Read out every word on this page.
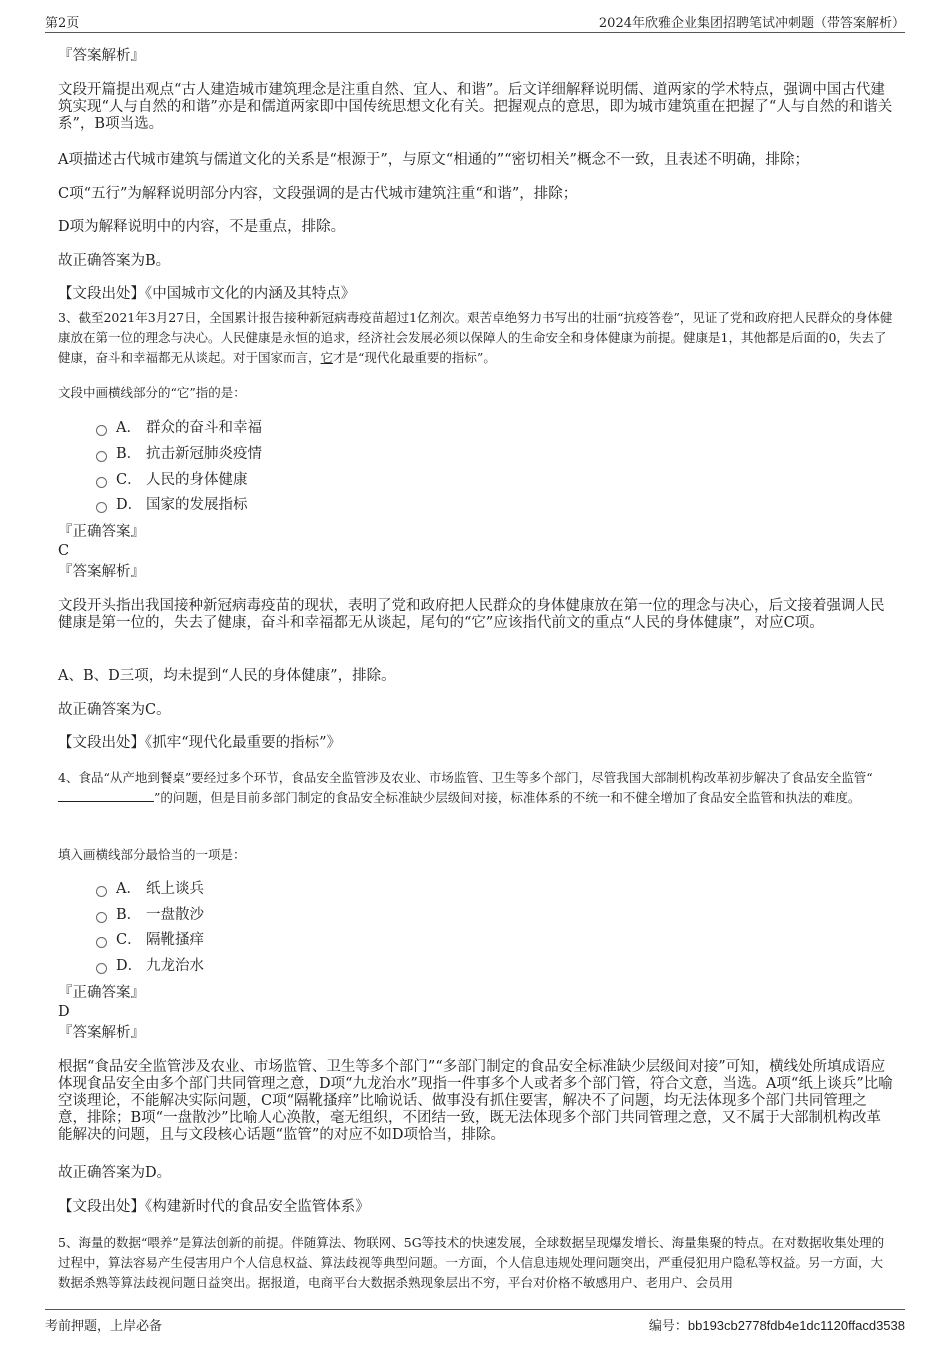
第2页	2024年欣雅企业集团招聘笔试冲刺题（带答案解析）
『答案解析』
文段开篇提出观点“古人建造城市建筑理念是注重自然、宜人、和谐”。后文详细解释说明儒、道两家的学术特点，强调中国古代建筑实现“人与自然的和谐”亦是和儒道两家即中国传统思想文化有关。把握观点的意思，即为城市建筑重在把握了“人与自然的和谐关系”，B项当选。
A项描述古代城市建筑与儒道文化的关系是“根源于”，与原文“相通的”“密切相关”概念不一致，且表述不明确，排除；
C项“五行”为解释说明部分内容，文段强调的是古代城市建筑注重“和谐”，排除；
D项为解释说明中的内容，不是重点，排除。
故正确答案为B。
【文段出处】《中国城市文化的内涵及其特点》
3、截至2021年3月27日，全国累计报告接种新冠病毒疫苗超过1亿剂次。艰苦卓绝努力书写出的壮丽“抗疫答卷”，见证了党和政府把人民群众的身体健康放在第一位的理念与决心。人民健康是永恒的追求，经济社会发展必须以保障人的生命安全和身体健康为前提。健康是1，其他都是后面的0，失去了健康，奋斗和幸福都无从谈起。对于国家而言，它才是“现代化最重要的指标”。
文段中画横线部分的“它”指的是：
A． 群众的奋斗和幸福
B． 抗击新冠肺炎疫情
C． 人民的身体健康
D． 国家的发展指标
『正确答案』
C
『答案解析』
文段开头指出我国接种新冠病毒疫苗的现状，表明了党和政府把人民群众的身体健康放在第一位的理念与决心，后文接着强调人民健康是第一位的，失去了健康，奋斗和幸福都无从谈起，尾句的“它”应该指代前文的重点“人民的身体健康”，对应C项。
A、B、D三项，均未提到“人民的身体健康”，排除。
故正确答案为C。
【文段出处】《抓牢“现代化最重要的指标”》
4、食品“从产地到餐桌”要经过多个环节，食品安全监管涉及农业、市场监管、卫生等多个部门，尽管我国大部制机构改革初步解决了食品安全监管“”的问题，但是目前多部门制定的食品安全标准缺少层级间对接，标准体系的不统一和不健全增加了食品安全监管和执法的难度。
填入画横线部分最恰当的一项是：
A． 纸上谈兵
B． 一盘散沙
C． 隔靴搔痒
D． 九龙治水
『正确答案』
D
『答案解析』
根据“食品安全监管涉及农业、市场监管、卫生等多个部门”“多部门制定的食品安全标准缺少层级间对接”可知，横线处所填成语应体现食品安全由多个部门共同管理之意，D项“九龙治水”现指一件事多个人或者多个部门管，符合文意，当选。A项“纸上谈兵”比喻空谈理论，不能解决实际问题，C项“隔靴搔痒”比喻说话、做事没有抓住要害，解决不了问题，均无法体现多个部门共同管理之意，排除；B项“一盘散沙”比喻人心涣散，毫无组织，不团结一致，既无法体现多个部门共同管理之意，又不属于大部制机构改革能解决的问题，且与文段核心话题“监管”的对应不如D项恰当，排除。
故正确答案为D。
【文段出处】《构建新时代的食品安全监管体系》
5、海量的数据“喂养”是算法创新的前提。伴随算法、物联网、5G等技术的快速发展，全球数据呈现爆发增长、海量集聚的特点。在对数据收集处理的过程中，算法容易产生侵害用户个人信息权益、算法歧视等典型问题。一方面，个人信息违规处理问题突出，严重侵犯用户隐私等权益。另一方面，大数据杀熟等算法歧视问题日益突出。据报道，电商平台大数据杀熟现象层出不穷，平台对价格不敏感用户、老用户、会员用
考前押题，上岸必备	编号：bb193cb2778fdb4e1dc1120ffacd3538
